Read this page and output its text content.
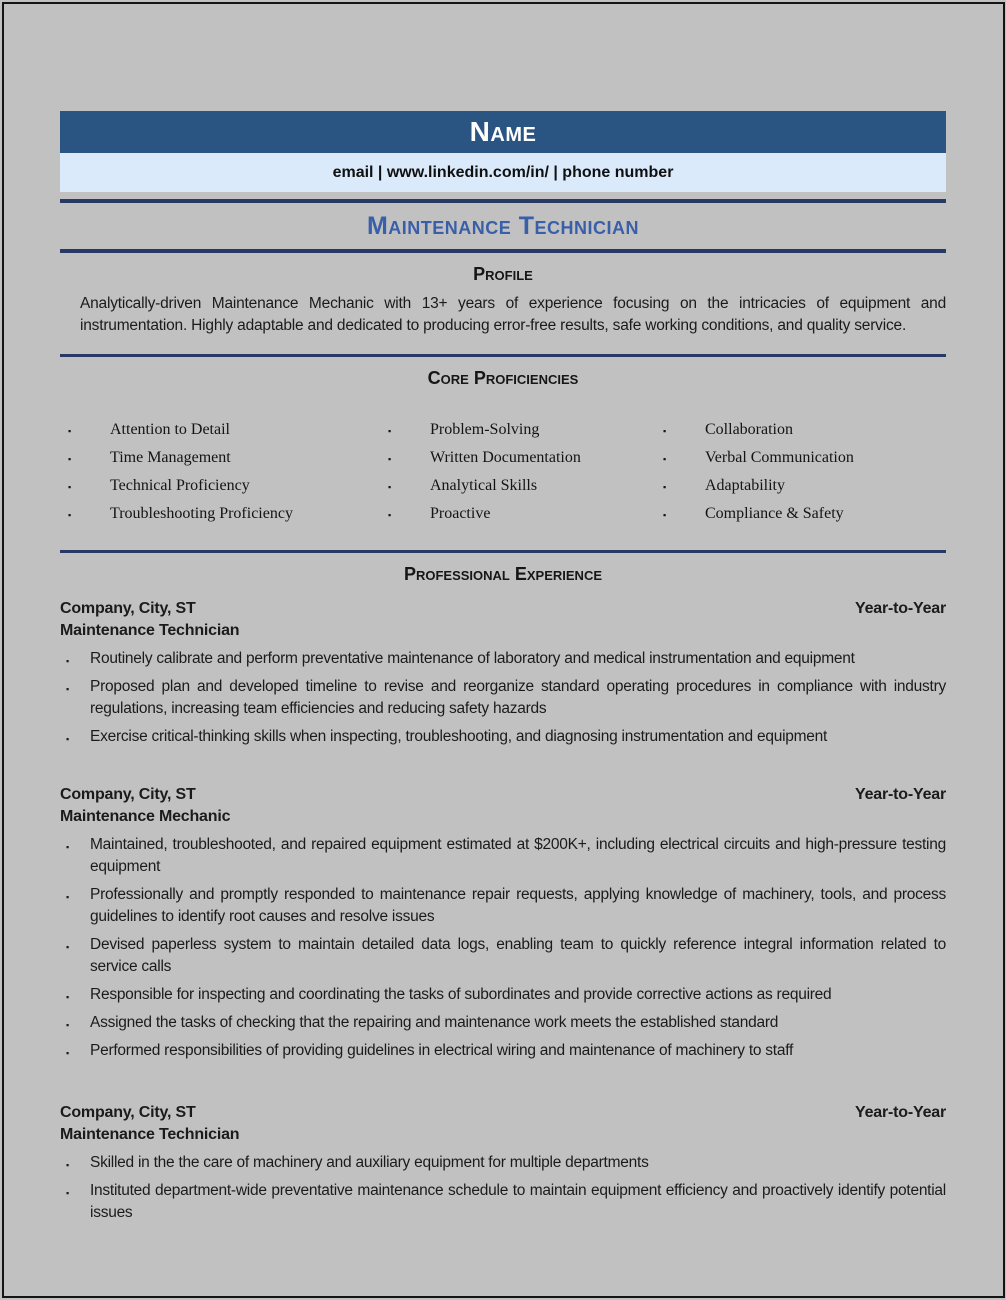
Name
email | www.linkedin.com/in/ | phone number
Maintenance Technician
Profile

Analytically-driven Maintenance Mechanic with 13+ years of experience focusing on the intricacies of equipment and instrumentation. Highly adaptable and dedicated to producing error-free results, safe working conditions, and quality service.

Core Proficiencies
▪ Attention to Detail	▪ Problem-Solving	▪ Collaboration
▪ Time Management	▪ Written Documentation	▪ Verbal Communication
▪ Technical Proficiency	▪ Analytical Skills	▪ Adaptability
▪ Troubleshooting Proficiency	▪ Proactive	▪ Compliance & Safety
Professional Experience
Company, City, ST	Year-to-Year
Maintenance Technician
▪ Routinely calibrate and perform preventative maintenance of laboratory and medical instrumentation and equipment
▪ Proposed plan and developed timeline to revise and reorganize standard operating procedures in compliance with industry regulations, increasing team efficiencies and reducing safety hazards
▪ Exercise critical-thinking skills when inspecting, troubleshooting, and diagnosing instrumentation and equipment
Company, City, ST	Year-to-Year
Maintenance Mechanic
▪ Maintained, troubleshooted, and repaired equipment estimated at $200K+, including electrical circuits and high-pressure testing equipment
▪ Professionally and promptly responded to maintenance repair requests, applying knowledge of machinery, tools, and process guidelines to identify root causes and resolve issues
▪ Devised paperless system to maintain detailed data logs, enabling team to quickly reference integral information related to service calls
▪ Responsible for inspecting and coordinating the tasks of subordinates and provide corrective actions as required
▪ Assigned the tasks of checking that the repairing and maintenance work meets the established standard
▪ Performed responsibilities of providing guidelines in electrical wiring and maintenance of machinery to staff
Company, City, ST	Year-to-Year
Maintenance Technician
▪ Skilled in the the care of machinery and auxiliary equipment for multiple departments
▪ Instituted department-wide preventative maintenance schedule to maintain equipment efficiency and proactively identify potential issues
